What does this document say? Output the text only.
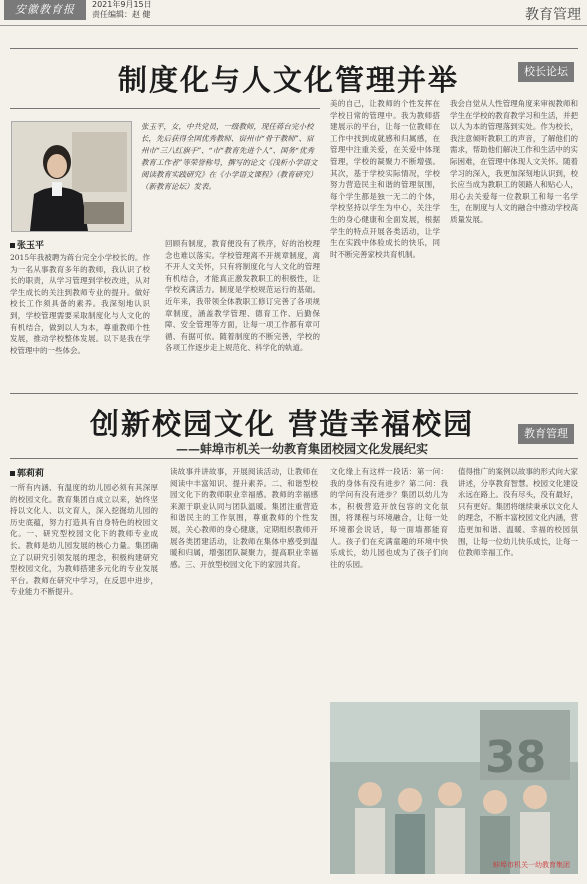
安徽教育报	2021年9月15日
责任编辑：赵 健	教育管理
制度化与人文化管理并举	校长论坛
张玉平，女，中共党员，一级教师，现任蒋台完小校长，先后获得全国优秀教师、宿州市“骨干教师”、宿州市“三八红旗手”、“市“教育先进个人”、国务“优秀教育工作者”等荣誉称号，撰写的论文《浅析小学语文阅读教育实践研究》在《小学语文课程》（教育研究）（新教育论坛）发表。
张玉平
2015年我被聘为蒋台完全小学校长的。作为一名从事教育多年的教师，我认识了校长的职责，从学习管理到学校改进，从对学生成长的关注到教师专业的提升。做好校长工作须具备的素养。我深刻地认识到，学校管理需要采取制度化与人文化的有机结合，做到以人为本，尊重教师个性发展，推动学校整体发展。以下是我在学校管理中的一些体会。
回顾有制度，教育便没有了秩序，好的治校理念也难以落实。学校管理离不开规章制度，离不开人文关怀，只有将制度化与人文化的管理有机结合，才能真正激发教职工的积极性，让学校充满活力。制度是学校规范运行的基础。近年来，我带领全体教职工修订完善了各项规章制度，涵盖教学管理、德育工作、后勤保障、安全管理等方面，让每一项工作都有章可循、有据可依。随着制度的不断完善，学校的各项工作逐步走上规范化、科学化的轨道。
美的自己，让教师的个性发挥在学校日常的管理中。我为教师搭建展示的平台，让每一位教师在工作中找到成就感和归属感，在管理中注重关爱，在关爱中体现管理，学校的凝聚力不断增强。其次，基于学校实际情况，学校努力营造民主和谐的管理氛围，每个学生都是独一无二的个体，学校坚持以学生为中心，关注学生的身心健康和全面发展，根据学生的特点开展各类活动，让学生在实践中体验成长的快乐，同时不断完善家校共育机制。
我会自觉从人性管理角度来审视教师和学生在学校的教育教学习和生活，并把以人为本的管理落到实处。作为校长，我注意倾听教职工的声音，了解他们的需求，帮助他们解决工作和生活中的实际困难，在管理中体现人文关怀。随着学习的深入，我更加深刻地认识到，校长应当成为教职工的领路人和贴心人，用心去关爱每一位教职工和每一名学生，在制度与人文的融合中推动学校高质量发展。
创新校园文化 营造幸福校园	教育管理
——蚌埠市机关一幼教育集团校园文化发展纪实
郭莉莉
一所有内涵、有温度的幼儿园必须有其深厚的校园文化。教育集团自成立以来，始终坚持以文化人、以文育人，深入挖掘幼儿园的历史底蕴，努力打造具有自身特色的校园文化。一、研究型校园文化下的教师专业成长。教师是幼儿园发展的核心力量。集团确立了以研究引领发展的理念，积极构建研究型校园文化，为教师搭建多元化的专业发展平台。教师在研究中学习，在反思中进步，专业能力不断提升。
读故事并讲故事，开展阅读活动，让教师在阅读中丰富知识、提升素养。二、和谐型校园文化下的教师职业幸福感。教师的幸福感来源于职业认同与团队温暖。集团注重营造和谐民主的工作氛围，尊重教师的个性发展，关心教师的身心健康，定期组织教师开展各类团建活动，让教师在集体中感受到温暖和归属，增强团队凝聚力，提高职业幸福感。三、开放型校园文化下的家园共育。
文化缘上有这样一段话：第一问：我的身体有没有进步？第二问：我的学问有没有进步？集团以幼儿为本，积极营造开放包容的文化氛围，将课程与环境融合，让每一处环境都会说话，每一面墙都能育人。孩子们在充满童趣的环境中快乐成长，幼儿园也成为了孩子们向往的乐园。
值得推广的案例以故事的形式向大家讲述，分享教育智慧。校园文化建设永远在路上。没有尽头，没有最好，只有更好。集团将继续秉承以文化人的理念，不断丰富校园文化内涵，营造更加和谐、温暖、幸福的校园氛围，让每一位幼儿快乐成长，让每一位教师幸福工作。
38
蚌埠市机关一幼教育集团
